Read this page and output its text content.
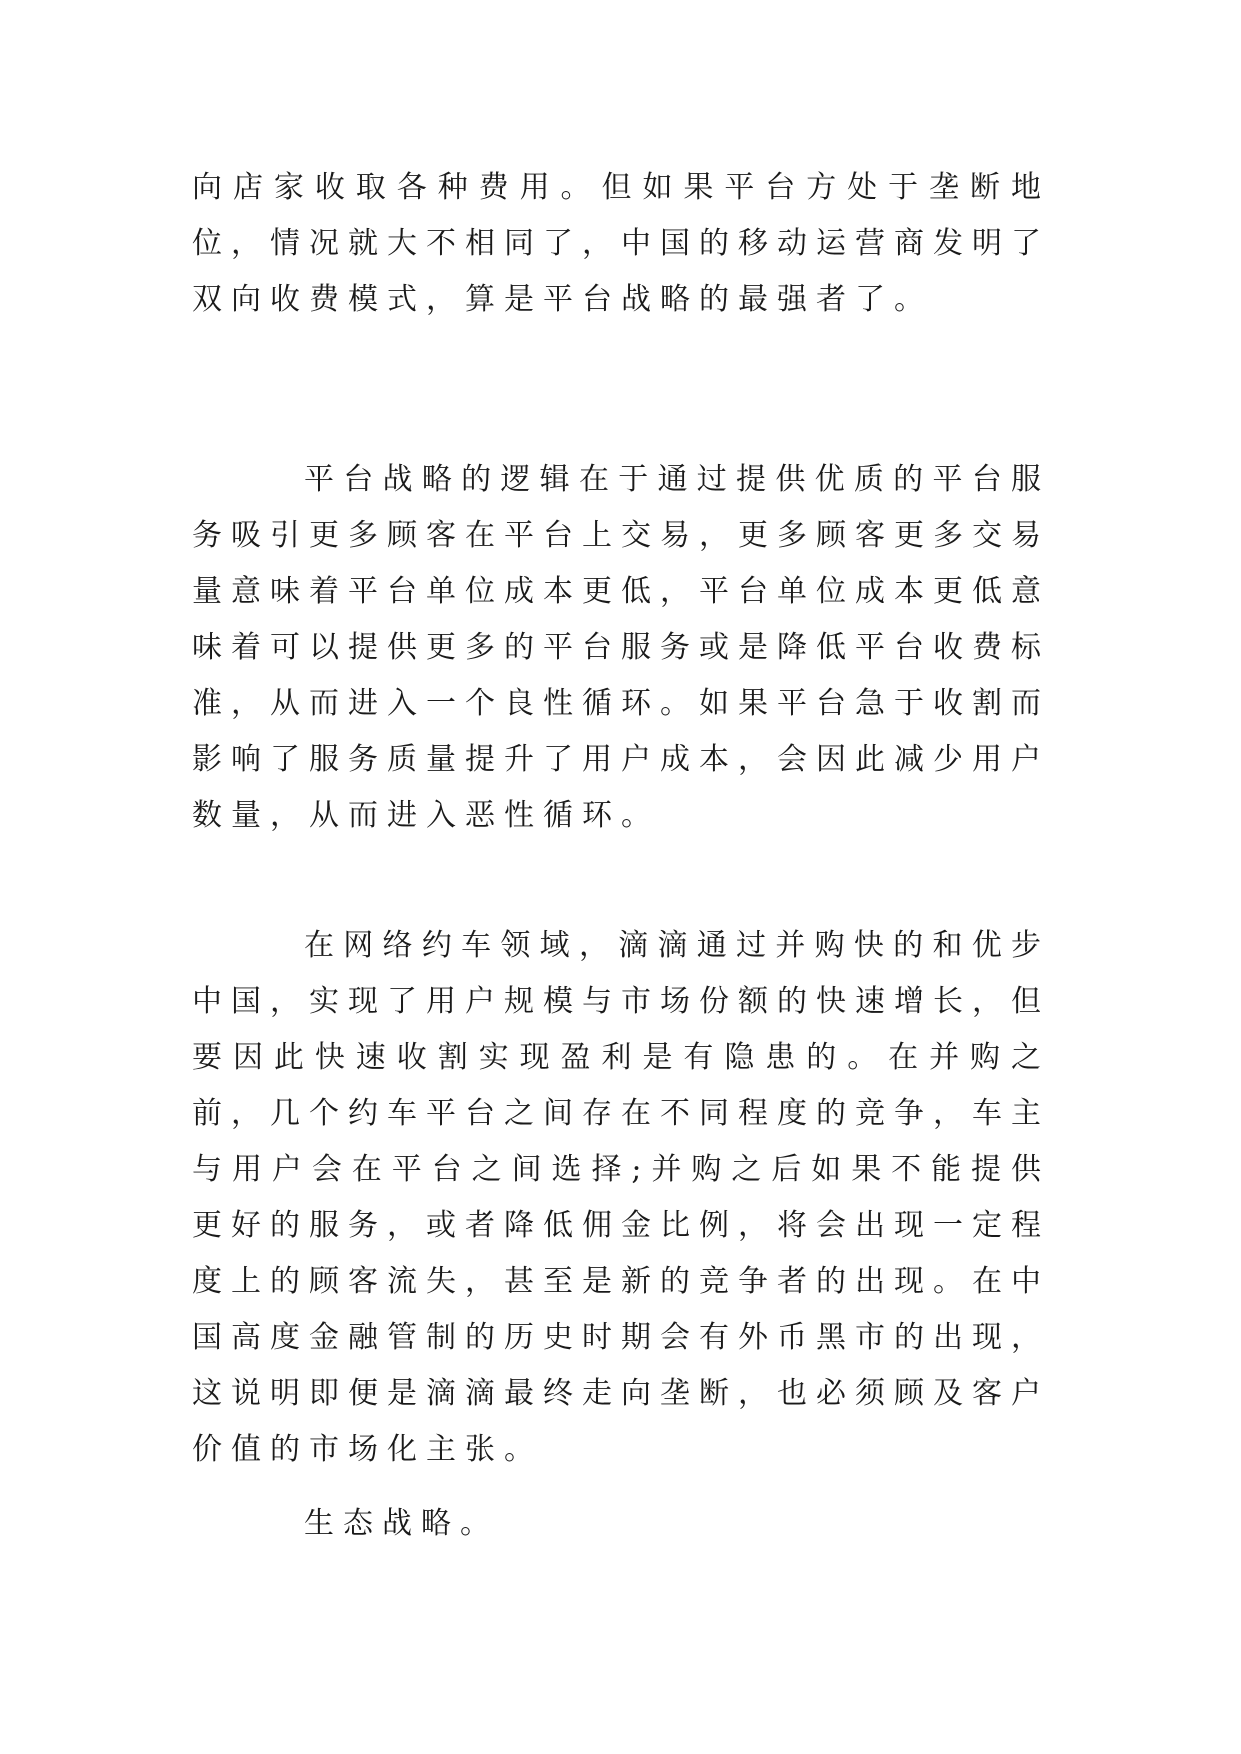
向店家收取各种费用。但如果平台方处于垄断地位，情况就大不相同了，中国的移动运营商发明了双向收费模式，算是平台战略的最强者了。

平台战略的逻辑在于通过提供优质的平台服务吸引更多顾客在平台上交易，更多顾客更多交易量意味着平台单位成本更低，平台单位成本更低意味着可以提供更多的平台服务或是降低平台收费标准，从而进入一个良性循环。如果平台急于收割而影响了服务质量提升了用户成本，会因此减少用户数量，从而进入恶性循环。

在网络约车领域，滴滴通过并购快的和优步中国，实现了用户规模与市场份额的快速增长，但要因此快速收割实现盈利是有隐患的。在并购之前，几个约车平台之间存在不同程度的竞争，车主与用户会在平台之间选择;并购之后如果不能提供更好的服务，或者降低佣金比例，将会出现一定程度上的顾客流失，甚至是新的竞争者的出现。在中国高度金融管制的历史时期会有外币黑市的出现，这说明即便是滴滴最终走向垄断，也必须顾及客户价值的市场化主张。

生态战略。
